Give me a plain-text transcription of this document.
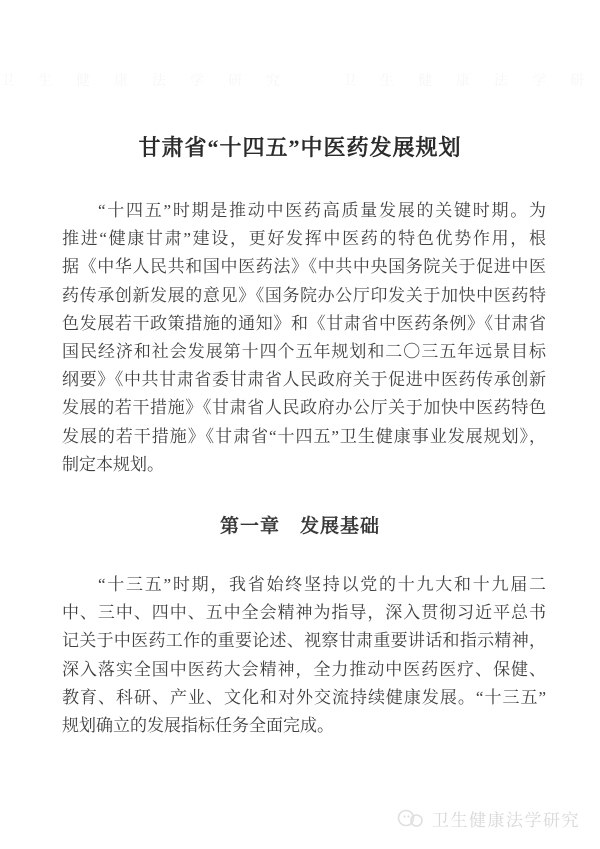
甘肃省“十四五”中医药发展规划
“十四五”时期是推动中医药高质量发展的关键时期。为
推进“健康甘肃”建设，更好发挥中医药的特色优势作用，根
据《中华人民共和国中医药法》《中共中央国务院关于促进中医
药传承创新发展的意见》《国务院办公厅印发关于加快中医药特
色发展若干政策措施的通知》和《甘肃省中医药条例》《甘肃省
国民经济和社会发展第十四个五年规划和二〇三五年远景目标
纲要》《中共甘肃省委甘肃省人民政府关于促进中医药传承创新
发展的若干措施》《甘肃省人民政府办公厅关于加快中医药特色
发展的若干措施》《甘肃省“十四五”卫生健康事业发展规划》，
制定本规划。
第一章　发展基础
“十三五”时期，我省始终坚持以党的十九大和十九届二
中、三中、四中、五中全会精神为指导，深入贯彻习近平总书
记关于中医药工作的重要论述、视察甘肃重要讲话和指示精神，
深入落实全国中医药大会精神，全力推动中医药医疗、保健、
教育、科研、产业、文化和对外交流持续健康发展。“十三五”
规划确立的发展指标任务全面完成。
卫生健康法学研究
